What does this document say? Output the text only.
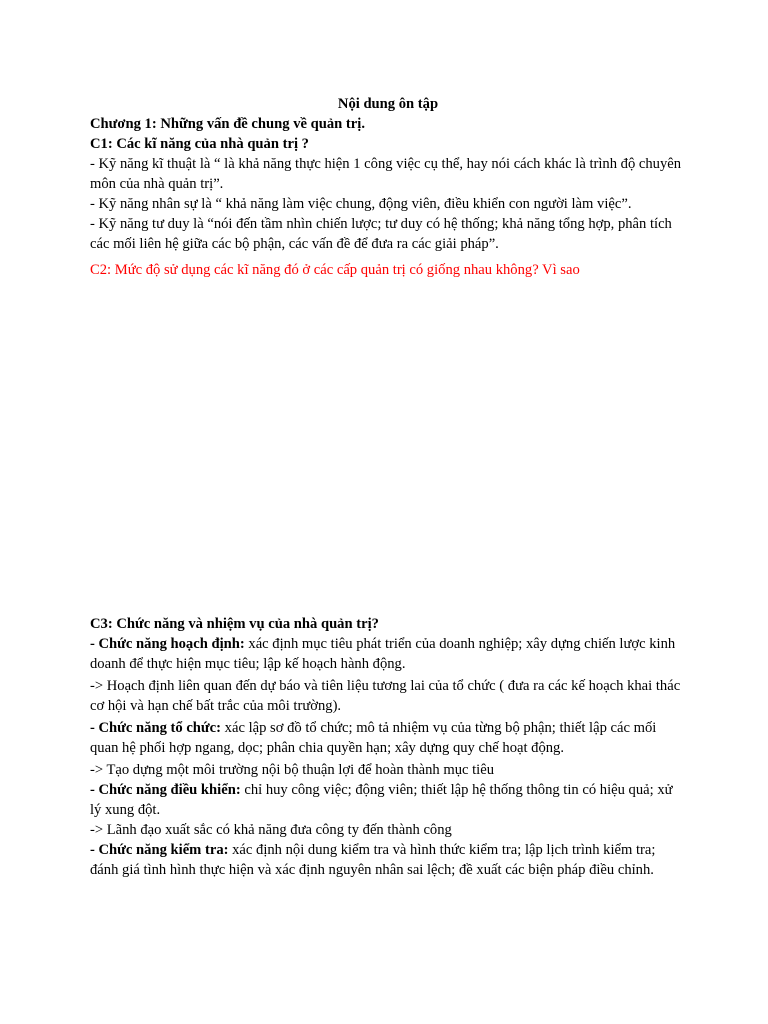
Nội dung ôn tập

Chương 1: Những vấn đề chung về quản trị.

C1: Các kĩ năng của nhà quản trị ?

- Kỹ năng kĩ thuật là “ là khả năng thực hiện 1 công việc cụ thể, hay nói cách khác là trình độ chuyên môn của nhà quản trị”.

- Kỹ năng nhân sự là “ khả năng làm việc chung, động viên, điều khiển con người làm việc”.

- Kỹ năng tư duy là “nói đến tầm nhìn chiến lược; tư duy có hệ thống; khả năng tổng hợp, phân tích các mối liên hệ giữa các bộ phận, các vấn đề để đưa ra các giải pháp”.

C2: Mức độ sử dụng các kĩ năng đó ở các cấp quản trị có giống nhau không? Vì sao

C3: Chức năng và nhiệm vụ của nhà quản trị?

- Chức năng hoạch định: xác định mục tiêu phát triển của doanh nghiệp; xây dựng chiến lược kinh doanh để thực hiện mục tiêu; lập kế hoạch hành động.

-> Hoạch định liên quan đến dự báo và tiên liệu tương lai của tổ chức ( đưa ra các kế hoạch khai thác cơ hội và hạn chế bất trắc của môi trường).

- Chức năng tổ chức: xác lập sơ đồ tổ chức; mô tả nhiệm vụ của từng bộ phận; thiết lập các mối quan hệ phối hợp ngang, dọc; phân chia quyền hạn; xây dựng quy chế hoạt động.

-> Tạo dựng một môi trường nội bộ thuận lợi để hoàn thành mục tiêu

- Chức năng điều khiển: chỉ huy công việc; động viên; thiết lập hệ thống thông tin có hiệu quả; xử lý xung đột.

-> Lãnh đạo xuất sắc có khả năng đưa công ty đến thành công

- Chức năng kiểm tra: xác định nội dung kiểm tra và hình thức kiểm tra; lập lịch trình kiểm tra; đánh giá tình hình thực hiện và xác định nguyên nhân sai lệch; đề xuất các biện pháp điều chỉnh.
